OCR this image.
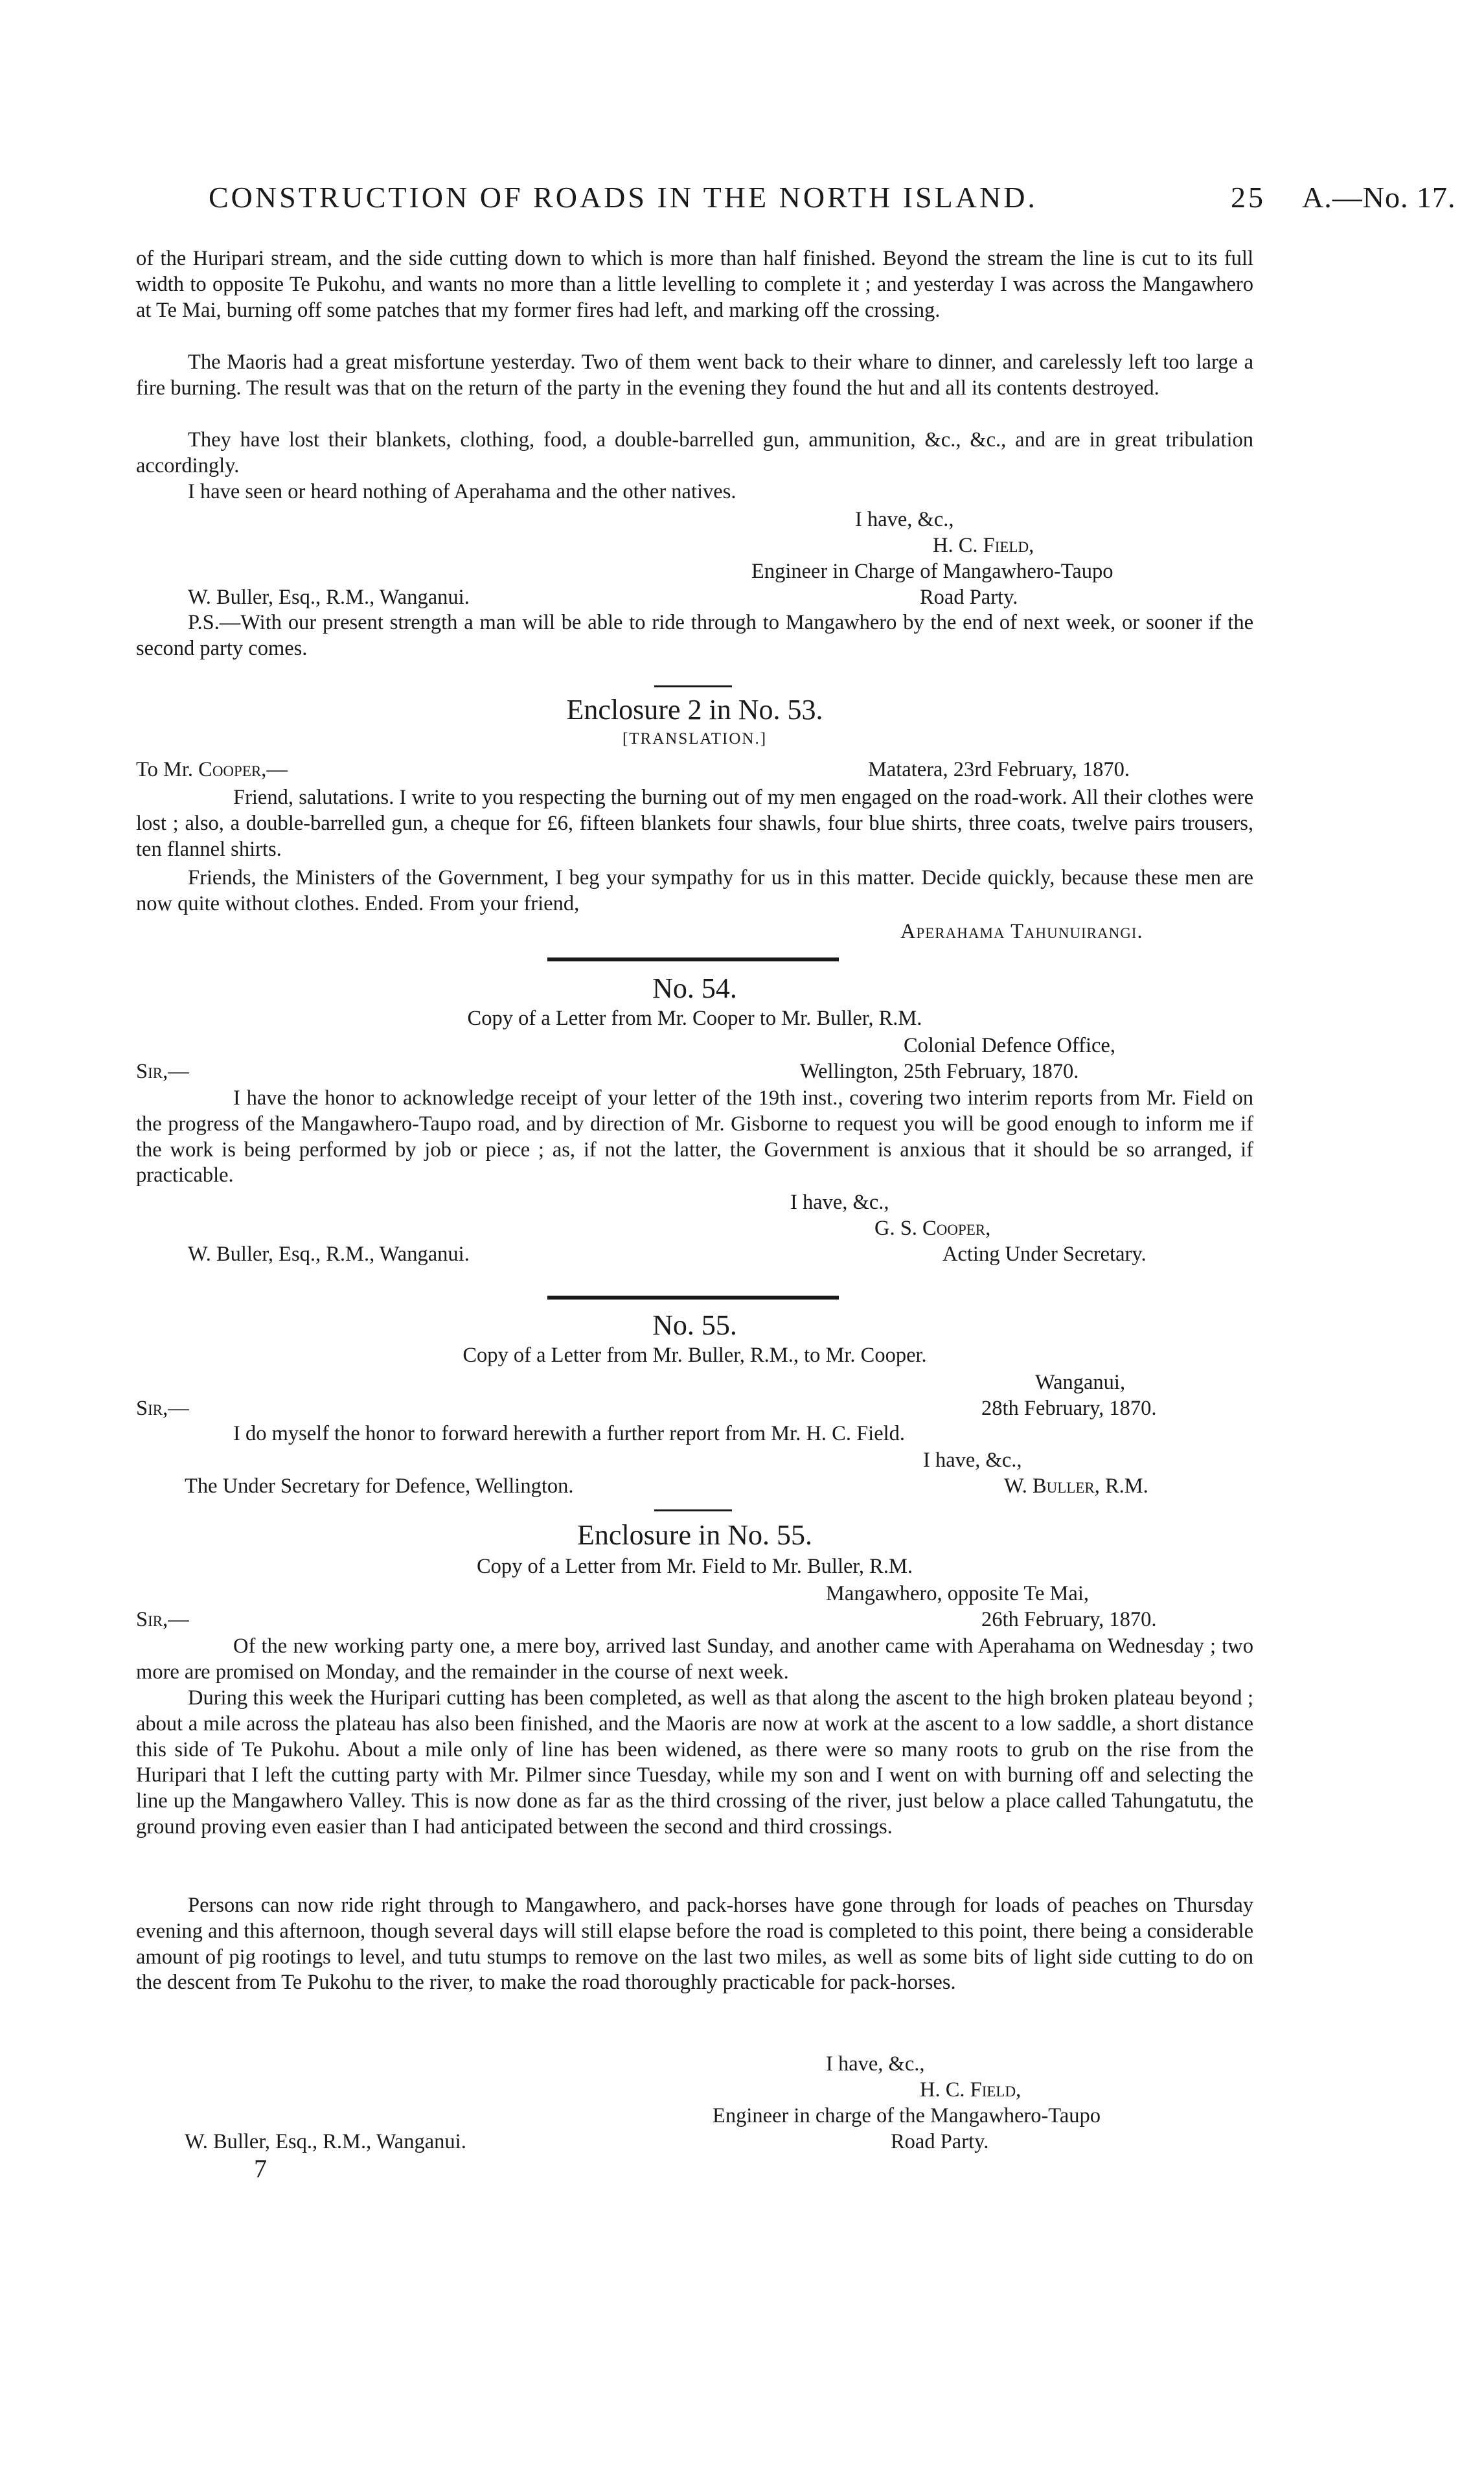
CONSTRUCTION OF ROADS IN THE NORTH ISLAND.	25 A.—No. 17.

of the Huripari stream, and the side cutting down to which is more than half finished. Beyond the stream the line is cut to its full width to opposite Te Pukohu, and wants no more than a little levelling to complete it ; and yesterday I was across the Mangawhero at Te Mai, burning off some patches that my former fires had left, and marking off the crossing.

The Maoris had a great misfortune yesterday. Two of them went back to their whare to dinner, and carelessly left too large a fire burning. The result was that on the return of the party in the evening they found the hut and all its contents destroyed.

They have lost their blankets, clothing, food, a double-barrelled gun, ammunition, &c., &c., and are in great tribulation accordingly.

I have seen or heard nothing of Aperahama and the other natives.

I have, &c.,
H. C. Field,
Engineer in Charge of Mangawhero-Taupo
W. Buller, Esq., R.M., Wanganui.	Road Party.

P.S.—With our present strength a man will be able to ride through to Mangawhero by the end of next week, or sooner if the second party comes.

Enclosure 2 in No. 53.
[TRANSLATION.]
To Mr. Cooper,—	Matatera, 23rd February, 1870.

Friend, salutations. I write to you respecting the burning out of my men engaged on the road-work. All their clothes were lost ; also, a double-barrelled gun, a cheque for £6, fifteen blankets four shawls, four blue shirts, three coats, twelve pairs trousers, ten flannel shirts.

Friends, the Ministers of the Government, I beg your sympathy for us in this matter. Decide quickly, because these men are now quite without clothes. Ended. From your friend,

Aperahama Tahunuirangi.
No. 54.
Copy of a Letter from Mr. Cooper to Mr. Buller, R.M.
Colonial Defence Office,
Sir,—	Wellington, 25th February, 1870.

I have the honor to acknowledge receipt of your letter of the 19th inst., covering two interim reports from Mr. Field on the progress of the Mangawhero-Taupo road, and by direction of Mr. Gisborne to request you will be good enough to inform me if the work is being performed by job or piece ; as, if not the latter, the Government is anxious that it should be so arranged, if practicable.

I have, &c.,
G. S. Cooper,
W. Buller, Esq., R.M., Wanganui.	Acting Under Secretary.
No. 55.
Copy of a Letter from Mr. Buller, R.M., to Mr. Cooper.
Wanganui,
Sir,—	28th February, 1870.

I do myself the honor to forward herewith a further report from Mr. H. C. Field.

I have, &c.,
The Under Secretary for Defence, Wellington.	W. Buller, R.M.
Enclosure in No. 55.
Copy of a Letter from Mr. Field to Mr. Buller, R.M.
Mangawhero, opposite Te Mai,
Sir,—	26th February, 1870.

Of the new working party one, a mere boy, arrived last Sunday, and another came with Aperahama on Wednesday ; two more are promised on Monday, and the remainder in the course of next week.

During this week the Huripari cutting has been completed, as well as that along the ascent to the high broken plateau beyond ; about a mile across the plateau has also been finished, and the Maoris are now at work at the ascent to a low saddle, a short distance this side of Te Pukohu. About a mile only of line has been widened, as there were so many roots to grub on the rise from the Huripari that I left the cutting party with Mr. Pilmer since Tuesday, while my son and I went on with burning off and selecting the line up the Mangawhero Valley. This is now done as far as the third crossing of the river, just below a place called Tahungatutu, the ground proving even easier than I had anticipated between the second and third crossings.

Persons can now ride right through to Mangawhero, and pack-horses have gone through for loads of peaches on Thursday evening and this afternoon, though several days will still elapse before the road is completed to this point, there being a considerable amount of pig rootings to level, and tutu stumps to remove on the last two miles, as well as some bits of light side cutting to do on the descent from Te Pukohu to the river, to make the road thoroughly practicable for pack-horses.

I have, &c.,
H. C. Field,
Engineer in charge of the Mangawhero-Taupo
W. Buller, Esq., R.M., Wanganui.	Road Party.
7
